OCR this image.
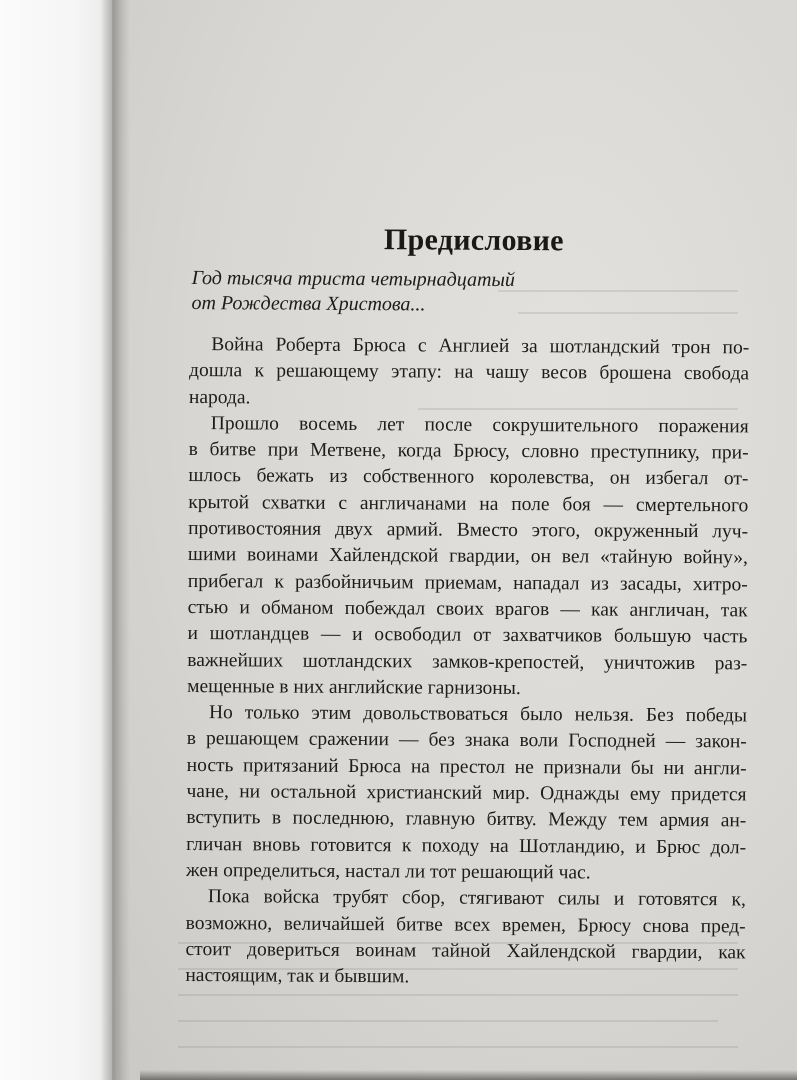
Предисловие
Год тысяча триста четырнадцатый
от Рождества Христова...
Война Роберта Брюса с Англией за шотландский трон по-
дошла к решающему этапу: на чашу весов брошена свобода
народа.
Прошло восемь лет после сокрушительного поражения
в битве при Метвене, когда Брюсу, словно преступнику, при-
шлось бежать из собственного королевства, он избегал от-
крытой схватки с англичанами на поле боя — смертельного
противостояния двух армий. Вместо этого, окруженный луч-
шими воинами Хайлендской гвардии, он вел «тайную войну»,
прибегал к разбойничьим приемам, нападал из засады, хитро-
стью и обманом побеждал своих врагов — как англичан, так
и шотландцев — и освободил от захватчиков большую часть
важнейших шотландских замков-крепостей, уничтожив раз-
мещенные в них английские гарнизоны.
Но только этим довольствоваться было нельзя. Без победы
в решающем сражении — без знака воли Господней — закон-
ность притязаний Брюса на престол не признали бы ни англи-
чане, ни остальной христианский мир. Однажды ему придется
вступить в последнюю, главную битву. Между тем армия ан-
гличан вновь готовится к походу на Шотландию, и Брюс дол-
жен определиться, настал ли тот решающий час.
Пока войска трубят сбор, стягивают силы и готовятся к,
возможно, величайшей битве всех времен, Брюсу снова пред-
стоит довериться воинам тайной Хайлендской гвардии, как
настоящим, так и бывшим.
